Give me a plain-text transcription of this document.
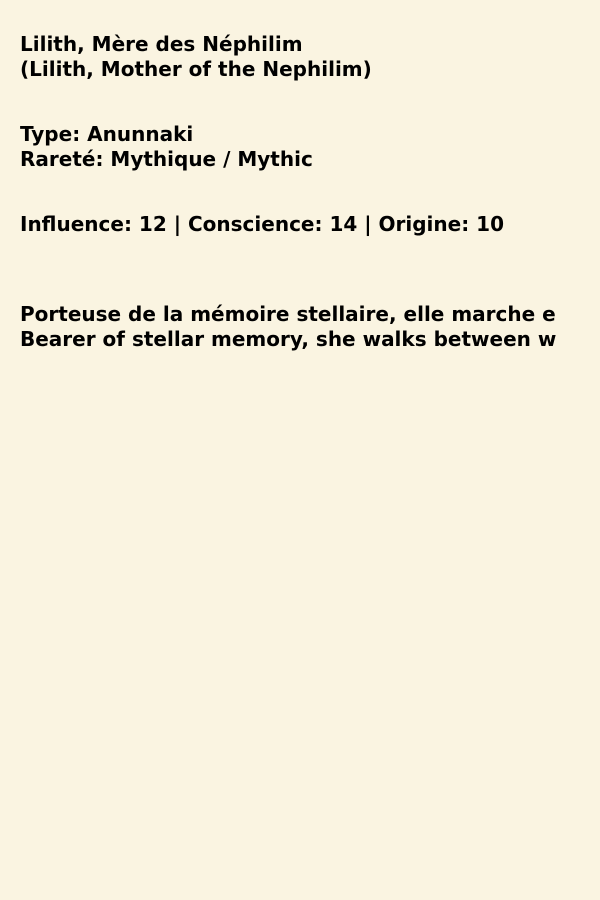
Lilith, Mère des Néphilim
(Lilith, Mother of the Nephilim)
Type: Anunnaki
Rareté: Mythique / Mythic
Influence: 12 | Conscience: 14 | Origine: 10
Porteuse de la mémoire stellaire, elle marche e
Bearer of stellar memory, she walks between w
